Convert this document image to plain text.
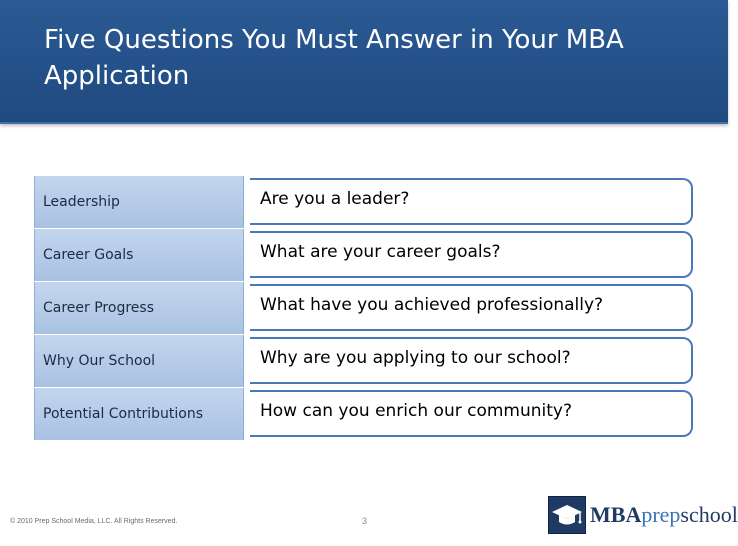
Five Questions You Must Answer in Your MBA Application
Leadership	Are you a leader?
Career Goals	What are your career goals?
Career Progress	What have you achieved professionally?
Why Our School	Why are you applying to our school?
Potential Contributions	How can you enrich our community?
© 2010 Prep School Media, LLC. All Rights Reserved.	3	MBAprepschool
